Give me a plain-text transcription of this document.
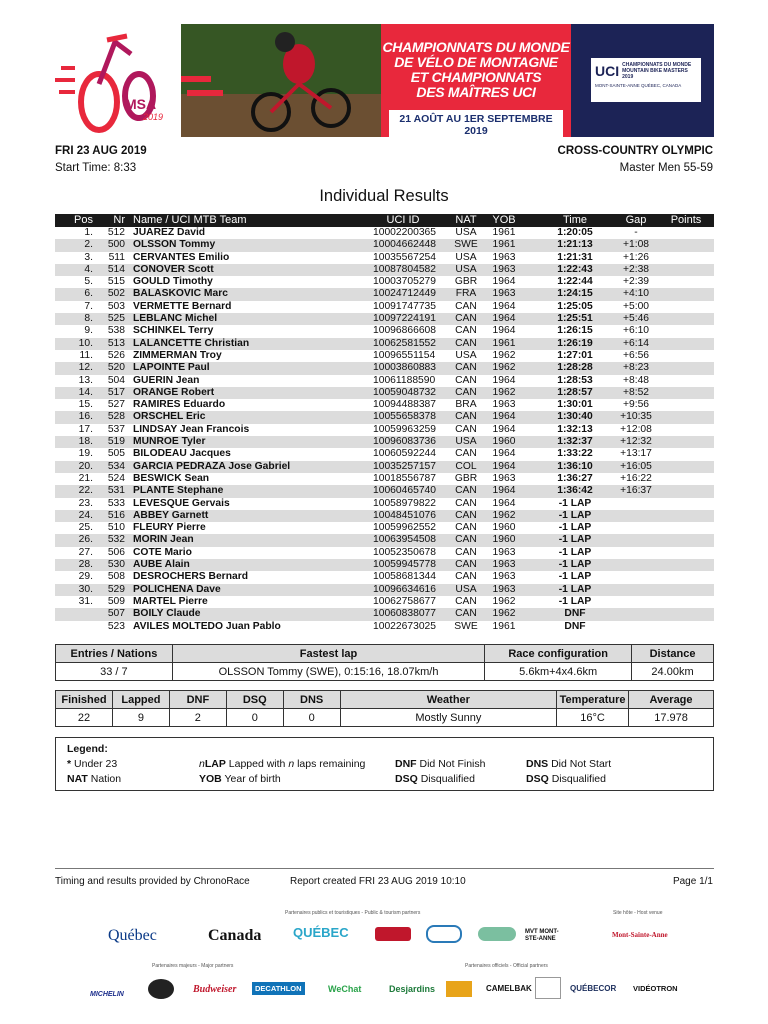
MSA
2019
CHAMPIONNATS DU MONDE
DE VÉLO DE MONTAGNE
ET CHAMPIONNATS
DES MAÎTRES UCI
21 AOÛT AU 1ER SEPTEMBRE 2019
UCI CHAMPIONNATS DU MONDE MOUNTAIN BIKE MASTERS 2019
MONT-SAINTE-ANNE QUÉBEC, CANADA
FRI 23 AUG 2019
Start Time: 8:33
CROSS-COUNTRY OLYMPIC
Master Men 55-59
Individual Results
Pos	Nr Name / UCI MTB Team	UCI ID	NAT	YOB	Time	Gap	Points
1.	512 JUAREZ David	10002200365	USA	1961	1:20:05	-
2.	500 OLSSON Tommy	10004662448	SWE	1961	1:21:13	+1:08
3.	511 CERVANTES Emilio	10035567254	USA	1963	1:21:31	+1:26
4.	514 CONOVER Scott	10087804582	USA	1963	1:22:43	+2:38
5.	515 GOULD Timothy	10003705279	GBR	1964	1:22:44	+2:39
6.	502 BALASKOVIC Marc	10024712449	FRA	1963	1:24:15	+4:10
7.	503 VERMETTE Bernard	10091747735	CAN	1964	1:25:05	+5:00
8.	525 LEBLANC Michel	10097224191	CAN	1964	1:25:51	+5:46
9.	538 SCHINKEL Terry	10096866608	CAN	1964	1:26:15	+6:10
10.	513 LALANCETTE Christian	10062581552	CAN	1961	1:26:19	+6:14
11.	526 ZIMMERMAN Troy	10096551154	USA	1962	1:27:01	+6:56
12.	520 LAPOINTE Paul	10003860883	CAN	1962	1:28:28	+8:23
13.	504 GUERIN Jean	10061188590	CAN	1964	1:28:53	+8:48
14.	517 ORANGE Robert	10059048732	CAN	1962	1:28:57	+8:52
15.	527 RAMIRES Eduardo	10094488387	BRA	1963	1:30:01	+9:56
16.	528 ORSCHEL Eric	10055658378	CAN	1964	1:30:40	+10:35
17.	537 LINDSAY Jean Francois	10059963259	CAN	1964	1:32:13	+12:08
18.	519 MUNROE Tyler	10096083736	USA	1960	1:32:37	+12:32
19.	505 BILODEAU Jacques	10060592244	CAN	1964	1:33:22	+13:17
20.	534 GARCIA PEDRAZA Jose Gabriel	10035257157	COL	1964	1:36:10	+16:05
21.	524 BESWICK Sean	10018556787	GBR	1963	1:36:27	+16:22
22.	531 PLANTE Stephane	10060465740	CAN	1964	1:36:42	+16:37
23.	533 LEVESQUE Gervais	10058979822	CAN	1964	-1 LAP
24.	516 ABBEY Garnett	10048451076	CAN	1962	-1 LAP
25.	510 FLEURY Pierre	10059962552	CAN	1960	-1 LAP
26.	532 MORIN Jean	10063954508	CAN	1960	-1 LAP
27.	506 COTE Mario	10052350678	CAN	1963	-1 LAP
28.	530 AUBE Alain	10059945778	CAN	1963	-1 LAP
29.	508 DESROCHERS Bernard	10058681344	CAN	1963	-1 LAP
30.	529 POLICHENA Dave	10096634616	USA	1963	-1 LAP
31.	509 MARTEL Pierre	10062758677	CAN	1962	-1 LAP
507 BOILY Claude	10060838077	CAN	1962	DNF
523 AVILES MOLTEDO Juan Pablo	10022673025	SWE	1961	DNF
Entries / Nations	Fastest lap	Race configuration	Distance
33 / 7	OLSSON Tommy (SWE), 0:15:16, 18.07km/h	5.6km+4x4.6km	24.00km
Finished	Lapped	DNF	DSQ	DNS	Weather	Temperature	Average
22	9	2	0	0	Mostly Sunny	16°C	17.978
Legend:
* Under 23
NAT Nation
nLAP Lapped with n laps remaining
YOB Year of birth
DNF Did Not Finish
DSQ Disqualified
DNS Did Not Start
DSQ Disqualified
Timing and results provided by ChronoRace	Report created FRI 23 AUG 2019 10:10	Page 1/1
Partenaires publics et touristiques - Public & tourism partners	Site hôte - Host venue
Québec	Canada QUÉBEC	MVT MONT-STE-ANNE	Mont-Sainte-Anne
Partenaires majeurs - Major partners	Partenaires officiels - Official partners
MICHELIN	Budweiser	DECATHLON	WeChat	Desjardins	CAMELBAK	QUÉBECOR VIDÉOTRON
